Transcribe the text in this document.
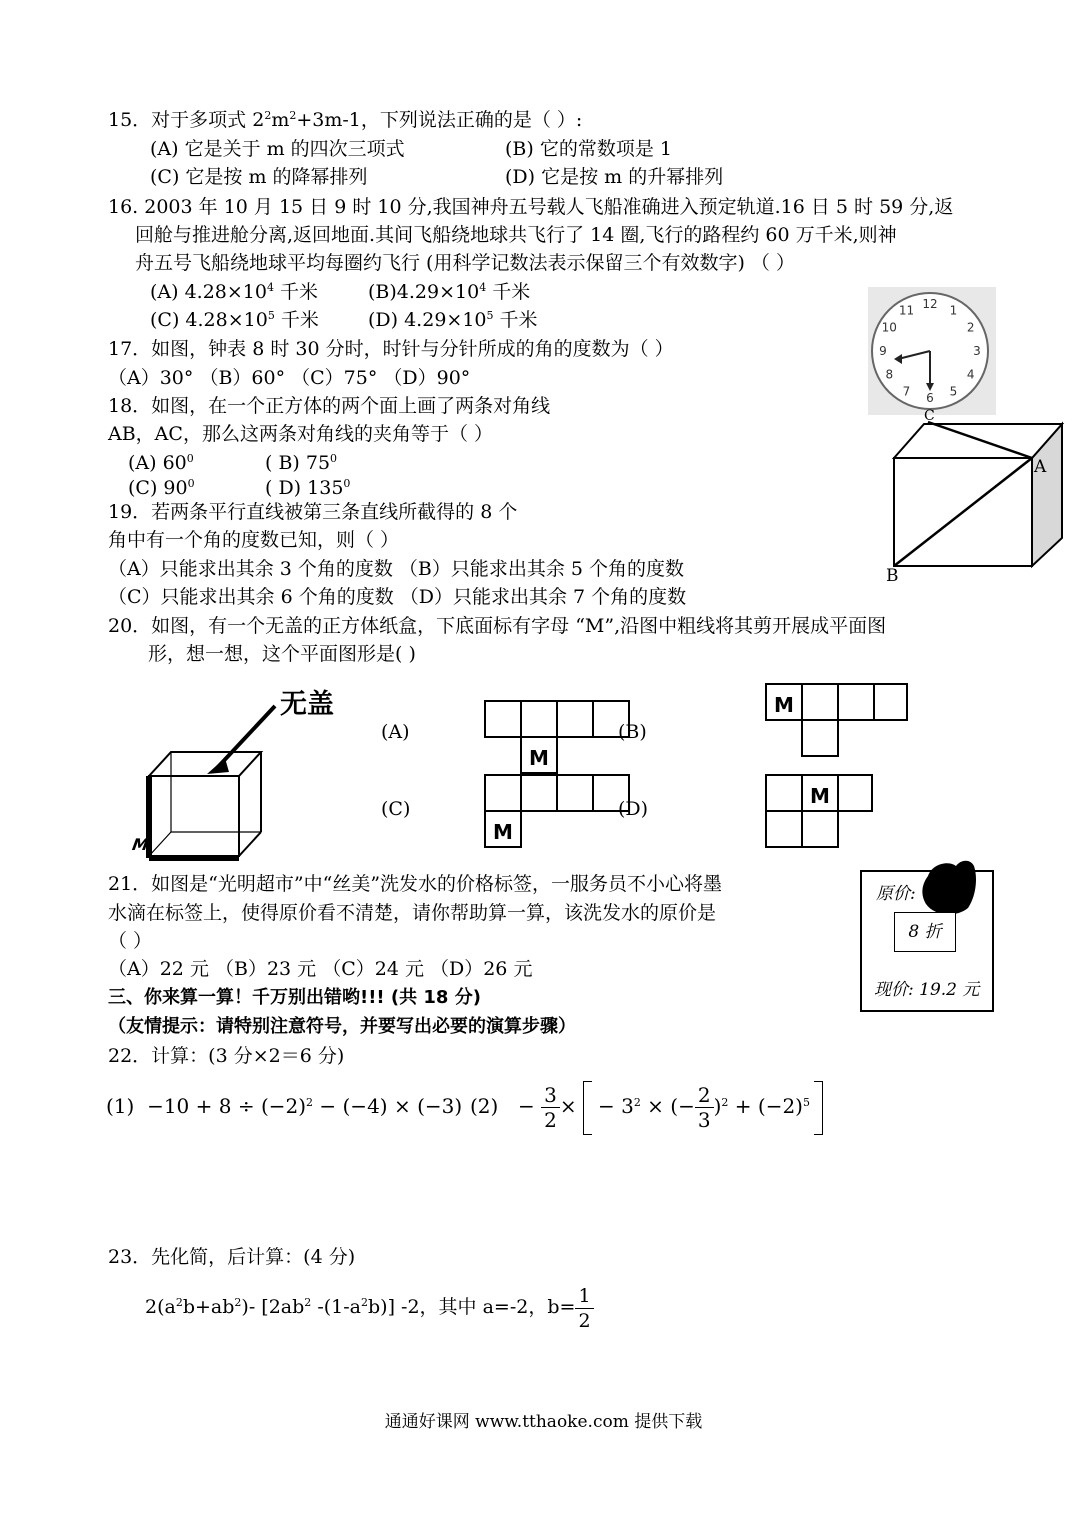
15．对于多项式 $2^2m^2+3m-1$，下列说法正确的是（ ）:
(A) 它是关于 m 的四次三项式	(B) 它的常数项是 1
(C) 它是按 m 的降幂排列	(D) 它是按 m 的升幂排列
16. 2003 年 10 月 15 日 9 时 10 分,我国神舟五号载人飞船准确进入预定轨道.16 日 5 时 59 分,返
回舱与推进舱分离,返回地面.其间飞船绕地球共飞行了 14 圈,飞行的路程约 60 万千米,则神
舟五号飞船绕地球平均每圈约飞行 (用科学记数法表示保留三个有效数字) （ ）
(A) $4.28\times 10^4$ 千米	$(B)4.29\times 10^4$ 千米
(C) $4.28\times 10^5$ 千米	(D) $4.29\times 10^5$ 千米
12 1
2
3
4
5
6
7
8
9
10
11
17．如图，钟表 8 时 30 分时，时针与分针所成的角的度数为（ ）
（A）30° （B）60° （C）75° （D）90°
18．如图，在一个正方体的两个面上画了两条对角线
AB，AC，那么这两条对角线的夹角等于（ ）
(A) $60^0$	( B) $75^0$
(C) $90^0$	( D) $135^0$
C
A
B
19．若两条平行直线被第三条直线所截得的 8 个
角中有一个角的度数已知，则（ ）
（A）只能求出其余 3 个角的度数 （B）只能求出其余 5 个角的度数
（C）只能求出其余 6 个角的度数 （D）只能求出其余 7 个角的度数
20．如图，有一个无盖的正方体纸盒，下底面标有字母 “M”,沿图中粗线将其剪开展成平面图
形，想一想，这个平面图形是( )
无盖
M
(A)	(B)
(C)	(D)
M
M
M
M
21．如图是“光明超市”中“丝美”洗发水的价格标签，一服务员不小心将墨
水滴在标签上，使得原价看不清楚，请你帮助算一算，该洗发水的原价是
（ ）
（A）22 元 （B）23 元 （C）24 元 （D）26 元
原价:
8 折
现价: 19.2 元
三、你来算一算！千万别出错哟!!! (共 18 分)
（友情提示：请特别注意符号，并要写出必要的演算步骤）
22．计算：(3 分×2＝6 分)
$(1) -10 + 8 \div (-2)^2 - (-4) \times (-3) (2) - \frac{3}{2}$ × − $3^2$ × (− $\frac{2}{3} )^2 + (-2)^5$
23．先化简，后计算：(4 分)
$2(a^2b+ab^2)-$ [$2ab^2$ $-(1-a^2b)$] -2，其中 a=-2，$b= \frac{1}{2}$
通通好课网 www.tthaoke.com 提供下载
